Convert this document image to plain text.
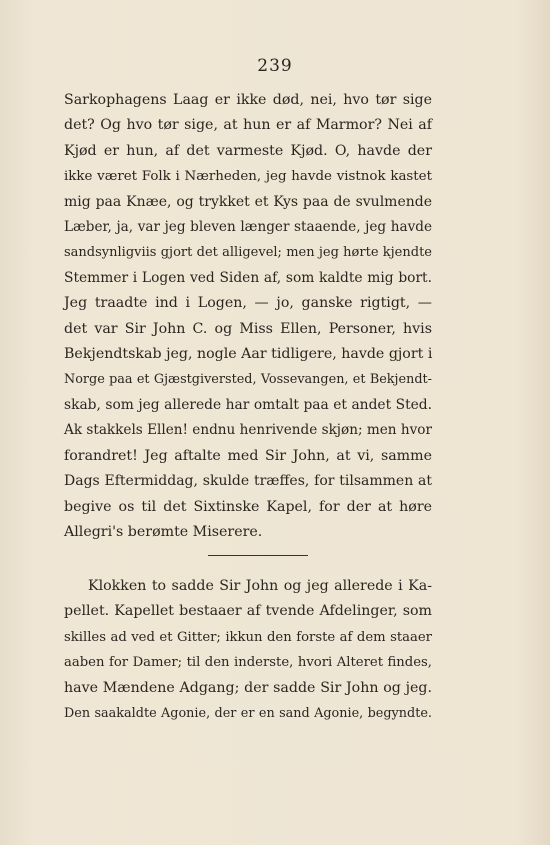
239
Sarkophagens Laag er ikke død, nei, hvo tør sige
det? Og hvo tør sige, at hun er af Marmor? Nei af
Kjød er hun, af det varmeste Kjød. O, havde der
ikke været Folk i Nærheden, jeg havde vistnok kastet
mig paa Knæe, og trykket et Kys paa de svulmende
Læber, ja, var jeg bleven længer staaende, jeg havde
sandsynligviis gjort det alligevel; men jeg hørte kjendte
Stemmer i Logen ved Siden af, som kaldte mig bort.
Jeg traadte ind i Logen, — jo, ganske rigtigt, —
det var Sir John C. og Miss Ellen, Personer, hvis
Bekjendtskab jeg, nogle Aar tidligere, havde gjort i
Norge paa et Gjæstgiversted, Vossevangen, et Bekjendt-
skab, som jeg allerede har omtalt paa et andet Sted.
Ak stakkels Ellen! endnu henrivende skjøn; men hvor
forandret! Jeg aftalte med Sir John, at vi, samme
Dags Eftermiddag, skulde træffes, for tilsammen at
begive os til det Sixtinske Kapel, for der at høre
Allegri's berømte Miserere.
Klokken to sadde Sir John og jeg allerede i Ka-
pellet. Kapellet bestaaer af tvende Afdelinger, som
skilles ad ved et Gitter; ikkun den forste af dem staaer
aaben for Damer; til den inderste, hvori Alteret findes,
have Mændene Adgang; der sadde Sir John og jeg.
Den saakaldte Agonie, der er en sand Agonie, begyndte.
